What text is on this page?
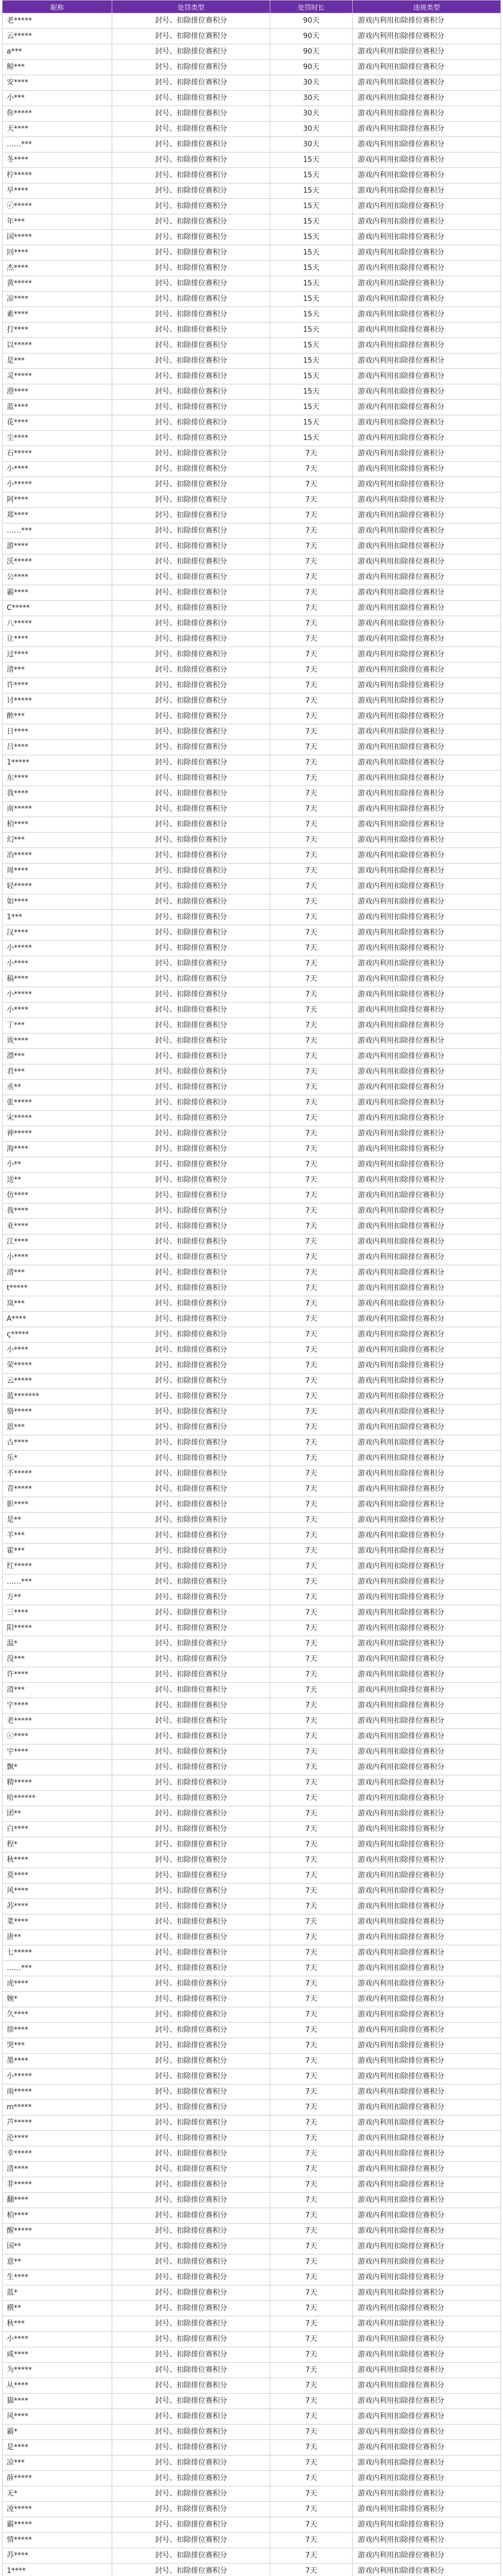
昵称	处罚类型	处罚时长	违规类型
老*****	封号、扣除排位赛积分	90天	游戏内利用扣除排位赛积分
云*****	封号、扣除排位赛积分	90天	游戏内利用扣除排位赛积分
a***	封号、扣除排位赛积分	90天	游戏内利用扣除排位赛积分
鲸***	封号、扣除排位赛积分	90天	游戏内利用扣除排位赛积分
安****	封号、扣除排位赛积分	30天	游戏内利用扣除排位赛积分
小***	封号、扣除排位赛积分	30天	游戏内利用扣除排位赛积分
你*****	封号、扣除排位赛积分	30天	游戏内利用扣除排位赛积分
天****	封号、扣除排位赛积分	30天	游戏内利用扣除排位赛积分
……***	封号、扣除排位赛积分	30天	游戏内利用扣除排位赛积分
冬****	封号、扣除排位赛积分	15天	游戏内利用扣除排位赛积分
柠*****	封号、扣除排位赛积分	15天	游戏内利用扣除排位赛积分
早****	封号、扣除排位赛积分	15天	游戏内利用扣除排位赛积分
ⓒ*****	封号、扣除排位赛积分	15天	游戏内利用扣除排位赛积分
年***	封号、扣除排位赛积分	15天	游戏内利用扣除排位赛积分
国*****	封号、扣除排位赛积分	15天	游戏内利用扣除排位赛积分
回****	封号、扣除排位赛积分	15天	游戏内利用扣除排位赛积分
杰****	封号、扣除排位赛积分	15天	游戏内利用扣除排位赛积分
黄*****	封号、扣除排位赛积分	15天	游戏内利用扣除排位赛积分
凉****	封号、扣除排位赛积分	15天	游戏内利用扣除排位赛积分
素****	封号、扣除排位赛积分	15天	游戏内利用扣除排位赛积分
打****	封号、扣除排位赛积分	15天	游戏内利用扣除排位赛积分
以*****	封号、扣除排位赛积分	15天	游戏内利用扣除排位赛积分
是***	封号、扣除排位赛积分	15天	游戏内利用扣除排位赛积分
灵*****	封号、扣除排位赛积分	15天	游戏内利用扣除排位赛积分
澄****	封号、扣除排位赛积分	15天	游戏内利用扣除排位赛积分
蓝****	封号、扣除排位赛积分	15天	游戏内利用扣除排位赛积分
花****	封号、扣除排位赛积分	15天	游戏内利用扣除排位赛积分
尘****	封号、扣除排位赛积分	15天	游戏内利用扣除排位赛积分
石*****	封号、扣除排位赛积分	7天	游戏内利用扣除排位赛积分
小****	封号、扣除排位赛积分	7天	游戏内利用扣除排位赛积分
小*****	封号、扣除排位赛积分	7天	游戏内利用扣除排位赛积分
阿****	封号、扣除排位赛积分	7天	游戏内利用扣除排位赛积分
郑****	封号、扣除排位赛积分	7天	游戏内利用扣除排位赛积分
……***	封号、扣除排位赛积分	7天	游戏内利用扣除排位赛积分
游****	封号、扣除排位赛积分	7天	游戏内利用扣除排位赛积分
沃*****	封号、扣除排位赛积分	7天	游戏内利用扣除排位赛积分
公****	封号、扣除排位赛积分	7天	游戏内利用扣除排位赛积分
霸****	封号、扣除排位赛积分	7天	游戏内利用扣除排位赛积分
C*****	封号、扣除排位赛积分	7天	游戏内利用扣除排位赛积分
八*****	封号、扣除排位赛积分	7天	游戏内利用扣除排位赛积分
让****	封号、扣除排位赛积分	7天	游戏内利用扣除排位赛积分
过****	封号、扣除排位赛积分	7天	游戏内利用扣除排位赛积分
清***	封号、扣除排位赛积分	7天	游戏内利用扣除排位赛积分
许****	封号、扣除排位赛积分	7天	游戏内利用扣除排位赛积分
讨*****	封号、扣除排位赛积分	7天	游戏内利用扣除排位赛积分
醉***	封号、扣除排位赛积分	7天	游戏内利用扣除排位赛积分
日****	封号、扣除排位赛积分	7天	游戏内利用扣除排位赛积分
吕****	封号、扣除排位赛积分	7天	游戏内利用扣除排位赛积分
1*****	封号、扣除排位赛积分	7天	游戏内利用扣除排位赛积分
东****	封号、扣除排位赛积分	7天	游戏内利用扣除排位赛积分
我****	封号、扣除排位赛积分	7天	游戏内利用扣除排位赛积分
南*****	封号、扣除排位赛积分	7天	游戏内利用扣除排位赛积分
柏****	封号、扣除排位赛积分	7天	游戏内利用扣除排位赛积分
幻***	封号、扣除排位赛积分	7天	游戏内利用扣除排位赛积分
冶*****	封号、扣除排位赛积分	7天	游戏内利用扣除排位赛积分
周****	封号、扣除排位赛积分	7天	游戏内利用扣除排位赛积分
轻*****	封号、扣除排位赛积分	7天	游戏内利用扣除排位赛积分
如****	封号、扣除排位赛积分	7天	游戏内利用扣除排位赛积分
1***	封号、扣除排位赛积分	7天	游戏内利用扣除排位赛积分
汉****	封号、扣除排位赛积分	7天	游戏内利用扣除排位赛积分
小*****	封号、扣除排位赛积分	7天	游戏内利用扣除排位赛积分
小****	封号、扣除排位赛积分	7天	游戏内利用扣除排位赛积分
稿****	封号、扣除排位赛积分	7天	游戏内利用扣除排位赛积分
小*****	封号、扣除排位赛积分	7天	游戏内利用扣除排位赛积分
小****	封号、扣除排位赛积分	7天	游戏内利用扣除排位赛积分
丁***	封号、扣除排位赛积分	7天	游戏内利用扣除排位赛积分
诶****	封号、扣除排位赛积分	7天	游戏内利用扣除排位赛积分
漂***	封号、扣除排位赛积分	7天	游戏内利用扣除排位赛积分
君***	封号、扣除排位赛积分	7天	游戏内利用扣除排位赛积分
丞**	封号、扣除排位赛积分	7天	游戏内利用扣除排位赛积分
张*****	封号、扣除排位赛积分	7天	游戏内利用扣除排位赛积分
宋*****	封号、扣除排位赛积分	7天	游戏内利用扣除排位赛积分
神*****	封号、扣除排位赛积分	7天	游戏内利用扣除排位赛积分
海****	封号、扣除排位赛积分	7天	游戏内利用扣除排位赛积分
小**	封号、扣除排位赛积分	7天	游戏内利用扣除排位赛积分
送**	封号、扣除排位赛积分	7天	游戏内利用扣除排位赛积分
仿****	封号、扣除排位赛积分	7天	游戏内利用扣除排位赛积分
我****	封号、扣除排位赛积分	7天	游戏内利用扣除排位赛积分
亚****	封号、扣除排位赛积分	7天	游戏内利用扣除排位赛积分
江****	封号、扣除排位赛积分	7天	游戏内利用扣除排位赛积分
小****	封号、扣除排位赛积分	7天	游戏内利用扣除排位赛积分
清***	封号、扣除排位赛积分	7天	游戏内利用扣除排位赛积分
t*****	封号、扣除排位赛积分	7天	游戏内利用扣除排位赛积分
岚***	封号、扣除排位赛积分	7天	游戏内利用扣除排位赛积分
A****	封号、扣除排位赛积分	7天	游戏内利用扣除排位赛积分
ς*****	封号、扣除排位赛积分	7天	游戏内利用扣除排位赛积分
小****	封号、扣除排位赛积分	7天	游戏内利用扣除排位赛积分
荣*****	封号、扣除排位赛积分	7天	游戏内利用扣除排位赛积分
云*****	封号、扣除排位赛积分	7天	游戏内利用扣除排位赛积分
蓝*******	封号、扣除排位赛积分	7天	游戏内利用扣除排位赛积分
骆*****	封号、扣除排位赛积分	7天	游戏内利用扣除排位赛积分
恩***	封号、扣除排位赛积分	7天	游戏内利用扣除排位赛积分
古****	封号、扣除排位赛积分	7天	游戏内利用扣除排位赛积分
乐*	封号、扣除排位赛积分	7天	游戏内利用扣除排位赛积分
不*****	封号、扣除排位赛积分	7天	游戏内利用扣除排位赛积分
青*****	封号、扣除排位赛积分	7天	游戏内利用扣除排位赛积分
影****	封号、扣除排位赛积分	7天	游戏内利用扣除排位赛积分
是**	封号、扣除排位赛积分	7天	游戏内利用扣除排位赛积分
羊***	封号、扣除排位赛积分	7天	游戏内利用扣除排位赛积分
霍***	封号、扣除排位赛积分	7天	游戏内利用扣除排位赛积分
红*****	封号、扣除排位赛积分	7天	游戏内利用扣除排位赛积分
……***	封号、扣除排位赛积分	7天	游戏内利用扣除排位赛积分
方**	封号、扣除排位赛积分	7天	游戏内利用扣除排位赛积分
三****	封号、扣除排位赛积分	7天	游戏内利用扣除排位赛积分
阳*****	封号、扣除排位赛积分	7天	游戏内利用扣除排位赛积分
温*	封号、扣除排位赛积分	7天	游戏内利用扣除排位赛积分
没***	封号、扣除排位赛积分	7天	游戏内利用扣除排位赛积分
许****	封号、扣除排位赛积分	7天	游戏内利用扣除排位赛积分
清***	封号、扣除排位赛积分	7天	游戏内利用扣除排位赛积分
宇****	封号、扣除排位赛积分	7天	游戏内利用扣除排位赛积分
老*****	封号、扣除排位赛积分	7天	游戏内利用扣除排位赛积分
ⓒ****	封号、扣除排位赛积分	7天	游戏内利用扣除排位赛积分
宇****	封号、扣除排位赛积分	7天	游戏内利用扣除排位赛积分
飘*	封号、扣除排位赛积分	7天	游戏内利用扣除排位赛积分
精*****	封号、扣除排位赛积分	7天	游戏内利用扣除排位赛积分
哈******	封号、扣除排位赛积分	7天	游戏内利用扣除排位赛积分
团**	封号、扣除排位赛积分	7天	游戏内利用扣除排位赛积分
白****	封号、扣除排位赛积分	7天	游戏内利用扣除排位赛积分
程*	封号、扣除排位赛积分	7天	游戏内利用扣除排位赛积分
秋****	封号、扣除排位赛积分	7天	游戏内利用扣除排位赛积分
莫****	封号、扣除排位赛积分	7天	游戏内利用扣除排位赛积分
风****	封号、扣除排位赛积分	7天	游戏内利用扣除排位赛积分
苏****	封号、扣除排位赛积分	7天	游戏内利用扣除排位赛积分
菜****	封号、扣除排位赛积分	7天	游戏内利用扣除排位赛积分
唐**	封号、扣除排位赛积分	7天	游戏内利用扣除排位赛积分
七*****	封号、扣除排位赛积分	7天	游戏内利用扣除排位赛积分
……***	封号、扣除排位赛积分	7天	游戏内利用扣除排位赛积分
虎****	封号、扣除排位赛积分	7天	游戏内利用扣除排位赛积分
婉*	封号、扣除排位赛积分	7天	游戏内利用扣除排位赛积分
久****	封号、扣除排位赛积分	7天	游戏内利用扣除排位赛积分
徐****	封号、扣除排位赛积分	7天	游戏内利用扣除排位赛积分
哭***	封号、扣除排位赛积分	7天	游戏内利用扣除排位赛积分
墨****	封号、扣除排位赛积分	7天	游戏内利用扣除排位赛积分
小*****	封号、扣除排位赛积分	7天	游戏内利用扣除排位赛积分
雨*****	封号、扣除排位赛积分	7天	游戏内利用扣除排位赛积分
m*****	封号、扣除排位赛积分	7天	游戏内利用扣除排位赛积分
芦*****	封号、扣除排位赛积分	7天	游戏内利用扣除排位赛积分
沦****	封号、扣除排位赛积分	7天	游戏内利用扣除排位赛积分
幸*****	封号、扣除排位赛积分	7天	游戏内利用扣除排位赛积分
清****	封号、扣除排位赛积分	7天	游戏内利用扣除排位赛积分
菲*****	封号、扣除排位赛积分	7天	游戏内利用扣除排位赛积分
翻****	封号、扣除排位赛积分	7天	游戏内利用扣除排位赛积分
柏****	封号、扣除排位赛积分	7天	游戏内利用扣除排位赛积分
醒*****	封号、扣除排位赛积分	7天	游戏内利用扣除排位赛积分
国**	封号、扣除排位赛积分	7天	游戏内利用扣除排位赛积分
意**	封号、扣除排位赛积分	7天	游戏内利用扣除排位赛积分
生****	封号、扣除排位赛积分	7天	游戏内利用扣除排位赛积分
蓝*	封号、扣除排位赛积分	7天	游戏内利用扣除排位赛积分
横**	封号、扣除排位赛积分	7天	游戏内利用扣除排位赛积分
秋***	封号、扣除排位赛积分	7天	游戏内利用扣除排位赛积分
小****	封号、扣除排位赛积分	7天	游戏内利用扣除排位赛积分
咸****	封号、扣除排位赛积分	7天	游戏内利用扣除排位赛积分
为*****	封号、扣除排位赛积分	7天	游戏内利用扣除排位赛积分
从****	封号、扣除排位赛积分	7天	游戏内利用扣除排位赛积分
猫****	封号、扣除排位赛积分	7天	游戏内利用扣除排位赛积分
风****	封号、扣除排位赛积分	7天	游戏内利用扣除排位赛积分
霸*	封号、扣除排位赛积分	7天	游戏内利用扣除排位赛积分
是****	封号、扣除排位赛积分	7天	游戏内利用扣除排位赛积分
凉***	封号、扣除排位赛积分	7天	游戏内利用扣除排位赛积分
薛*****	封号、扣除排位赛积分	7天	游戏内利用扣除排位赛积分
无*	封号、扣除排位赛积分	7天	游戏内利用扣除排位赛积分
凌*****	封号、扣除排位赛积分	7天	游戏内利用扣除排位赛积分
霸*****	封号、扣除排位赛积分	7天	游戏内利用扣除排位赛积分
情*****	封号、扣除排位赛积分	7天	游戏内利用扣除排位赛积分
苏****	封号、扣除排位赛积分	7天	游戏内利用扣除排位赛积分
1****	封号、扣除排位赛积分	7天	游戏内利用扣除排位赛积分
